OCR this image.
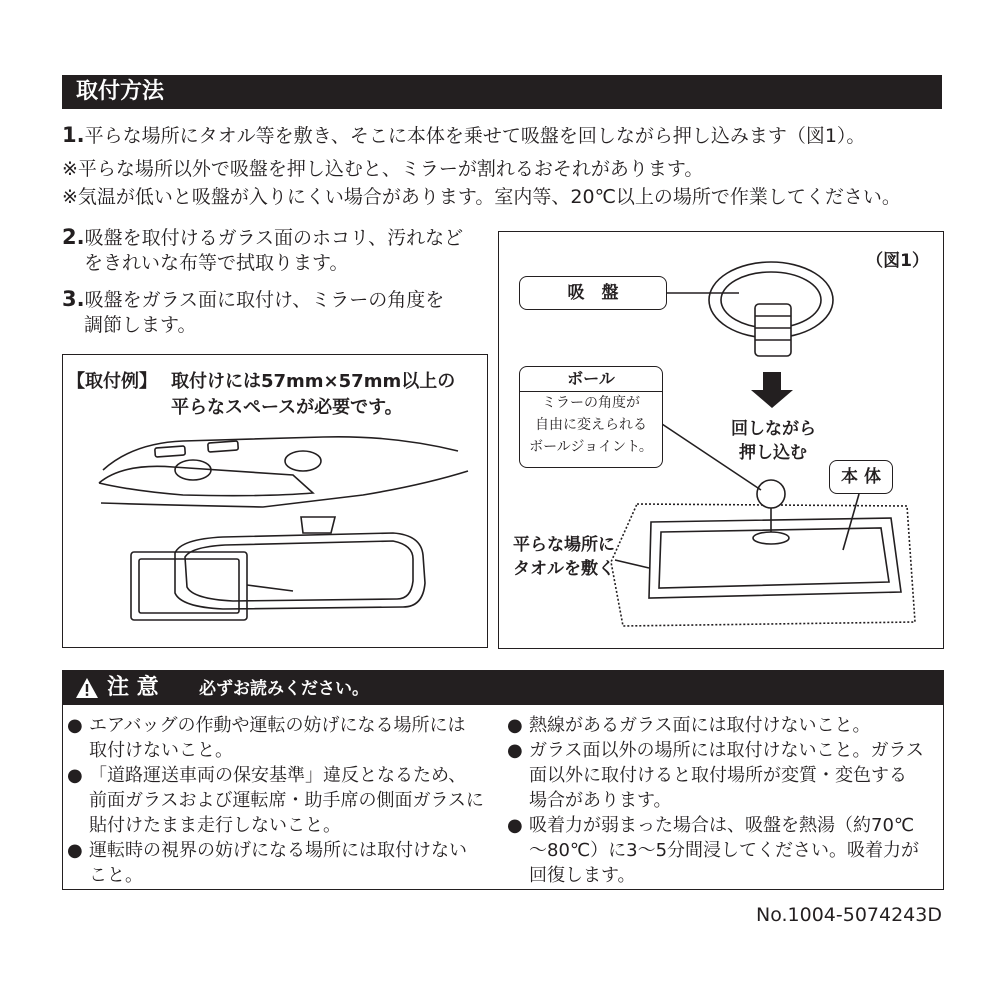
取付方法
1.平らな場所にタオル等を敷き、そこに本体を乗せて吸盤を回しながら押し込みます（図1）。
※平らな場所以外で吸盤を押し込むと、ミラーが割れるおそれがあります。
※気温が低いと吸盤が入りにくい場合があります。室内等、20℃以上の場所で作業してください。
2.吸盤を取付けるガラス面のホコリ、汚れなど
をきれいな布等で拭取ります。
3.吸盤をガラス面に取付け、ミラーの角度を
調節します。
【取付例】 取付けには57mm×57mm以上の
平らなスペースが必要です。
（図1）
吸　盤
ボール
ミラーの角度が
自由に変えられる
ボールジョイント。
回しながら
押し込む
本 体
平らな場所に
タオルを敷く
注 意 必ずお読みください。
● エアバッグの作動や運転の妨げになる場所には
取付けないこと。
● 「道路運送車両の保安基準」違反となるため、
前面ガラスおよび運転席・助手席の側面ガラスに
貼付けたまま走行しないこと。
● 運転時の視界の妨げになる場所には取付けない
こと。
● 熱線があるガラス面には取付けないこと。
● ガラス面以外の場所には取付けないこと。ガラス
面以外に取付けると取付場所が変質・変色する
場合があります。
● 吸着力が弱まった場合は、吸盤を熱湯（約70℃
～80℃）に3～5分間浸してください。吸着力が
回復します。
No.1004-5074243D
